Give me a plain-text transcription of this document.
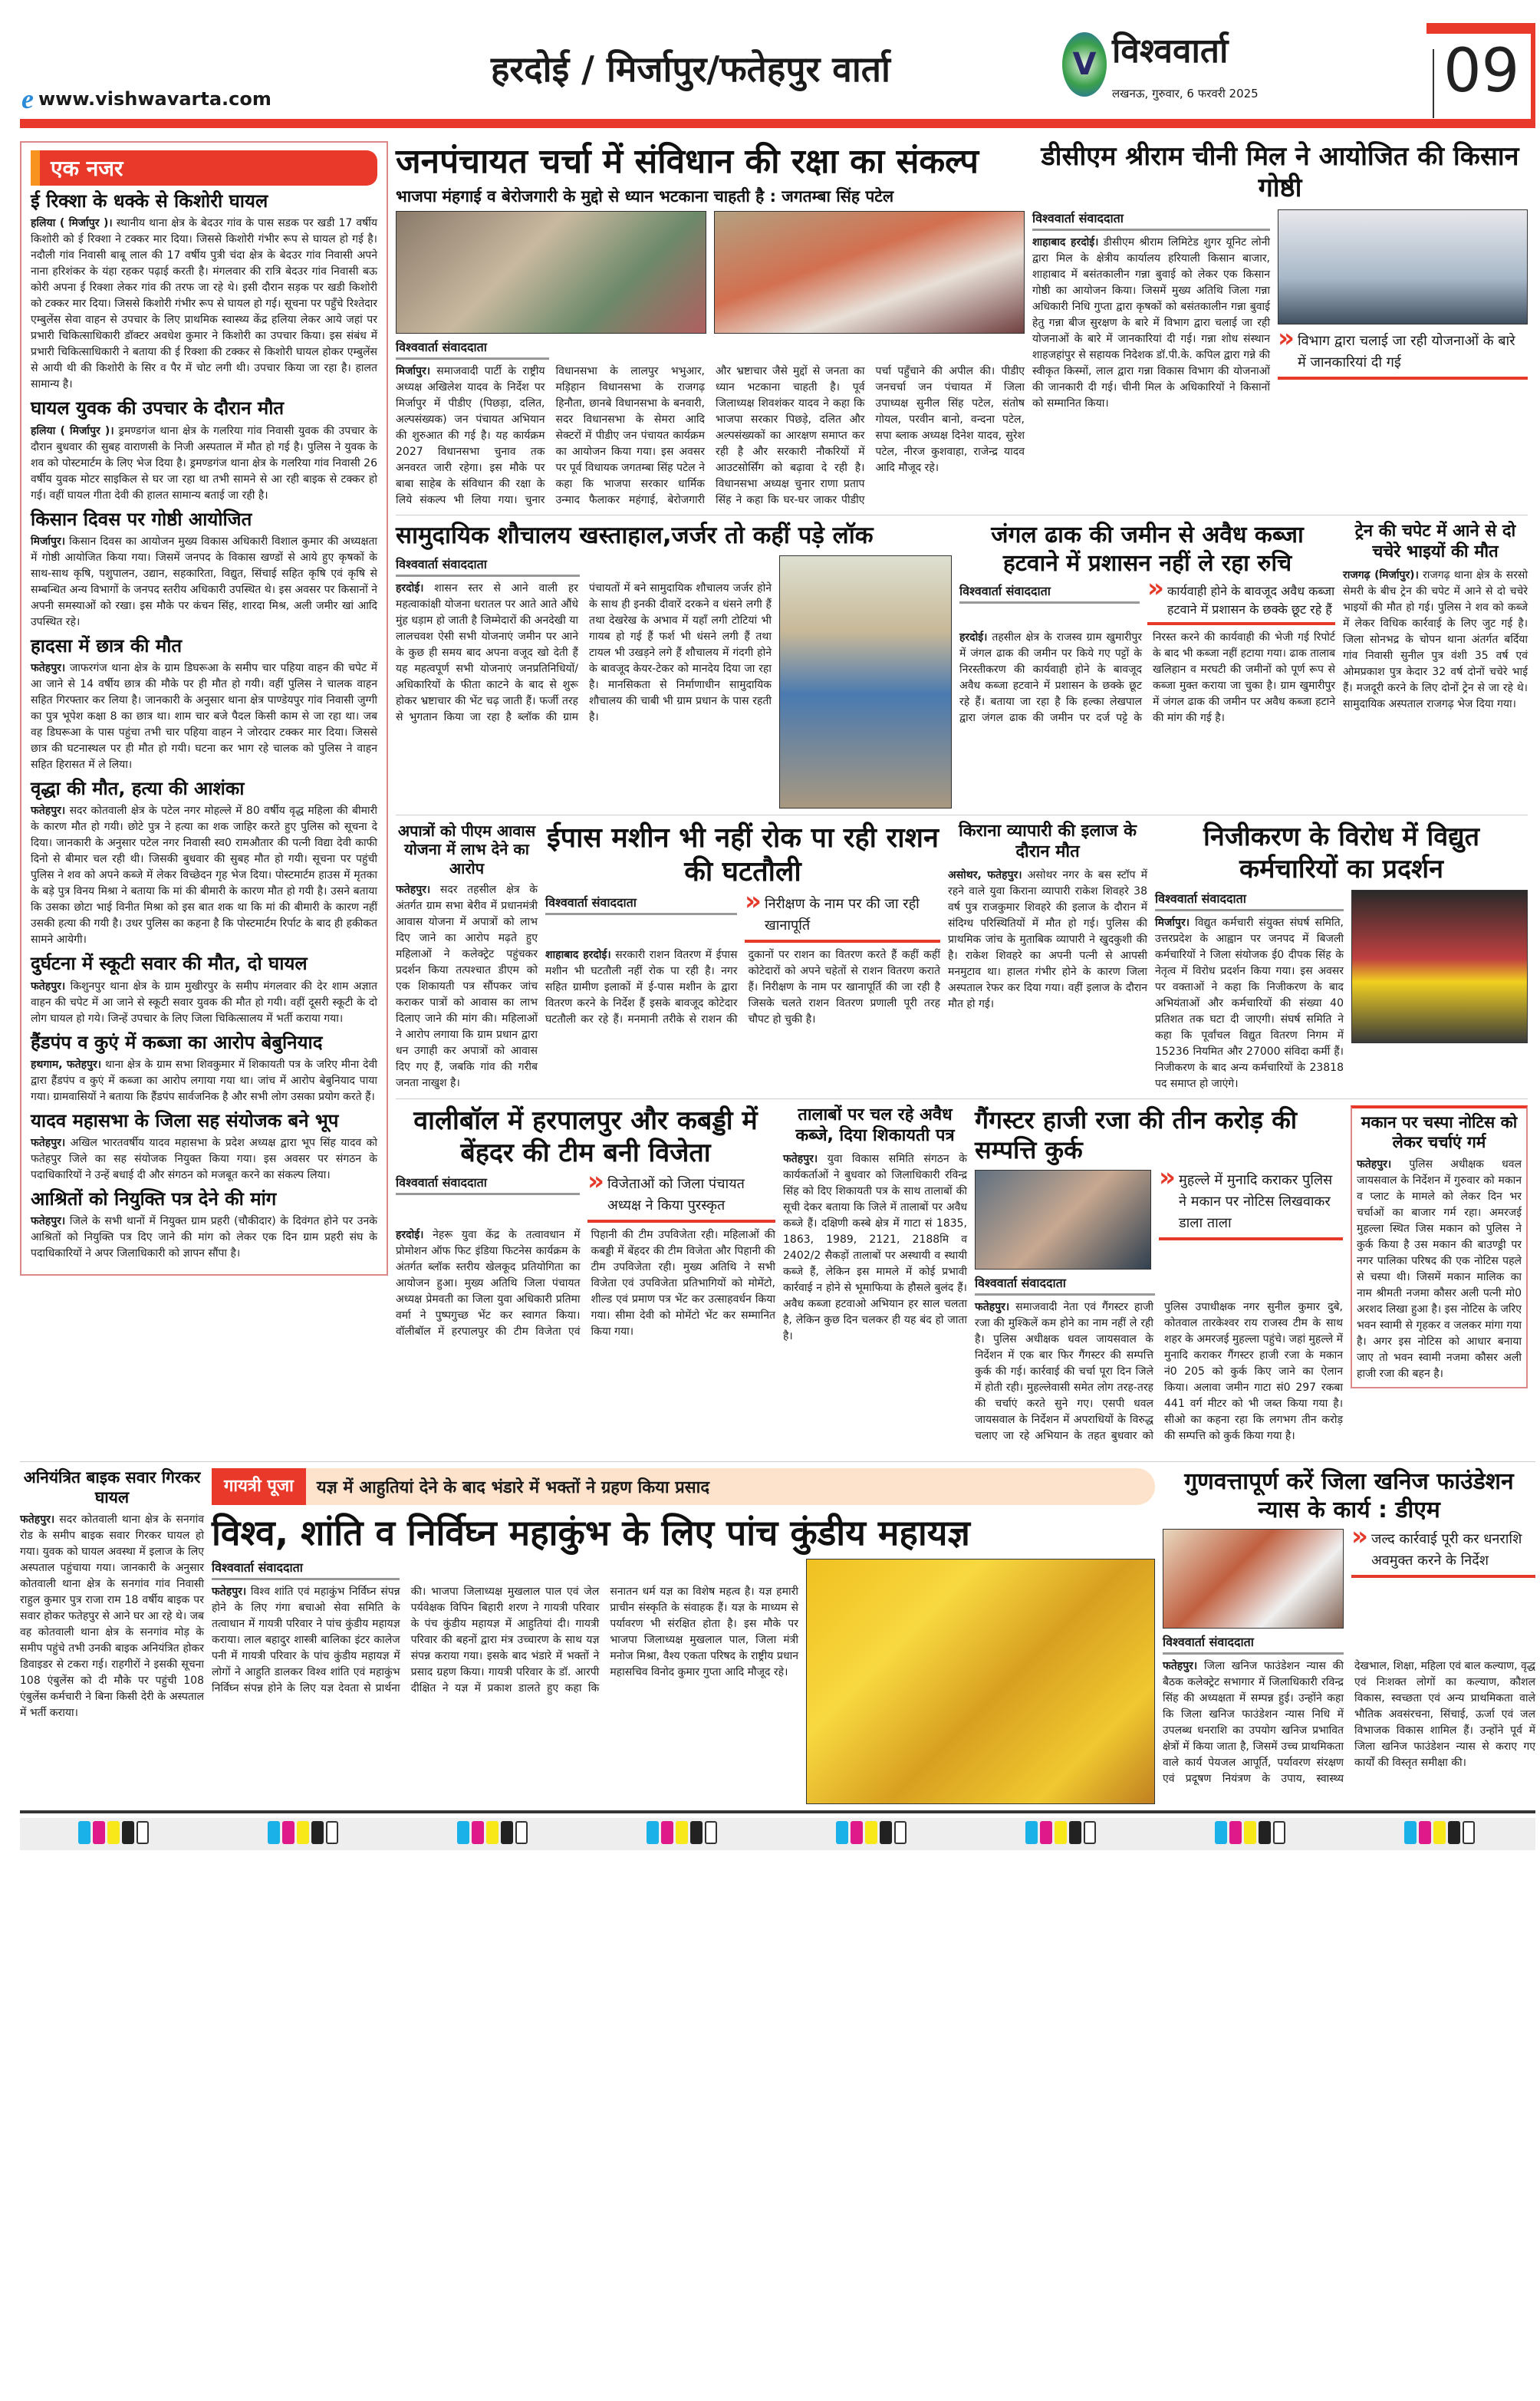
e www.vishwavarta.com
हरदोई / मिर्जापुर/फतेहपुर वार्ता	V विश्ववार्ता
लखनऊ, गुरुवार, 6 फरवरी 2025	09
एक नजर
ई रिक्शा के धक्के से किशोरी घायल
हलिया ( मिर्जापुर )। स्थानीय थाना क्षेत्र के बेदउर गांव के पास सडक पर खडी 17 वर्षीय किशोरी को ई रिक्शा ने टक्कर मार दिया। जिससे किशोरी गंभीर रूप से घायल हो गई है। नदौली गांव निवासी बाबू लाल की 17 वर्षीय पुत्री चंदा क्षेत्र के बेदउर गांव निवासी अपने नाना हरिशंकर के यंहा रहकर पढ़ाई करती है। मंगलवार की रात्रि बेदउर गांव निवासी बऊ कोरी अपना ई रिक्शा लेकर गांव की तरफ जा रहे थे। इसी दौरान सड़क पर खडी किशोरी को टक्कर मार दिया। जिससे किशोरी गंभीर रूप से घायल हो गई। सूचना पर पहुँचे रिश्तेदार एम्बुलेंस सेवा वाहन से उपचार के लिए प्राथमिक स्वास्थ्य केंद्र हलिया लेकर आये जहां पर प्रभारी चिकित्साधिकारी डॉक्टर अवधेश कुमार ने किशोरी का उपचार किया। इस संबंध में प्रभारी चिकित्साधिकारी ने बताया की ई रिक्शा की टक्कर से किशोरी घायल होकर एम्बुलेंस से आयी थी की किशोरी के सिर व पैर में चोट लगी थी। उपचार किया जा रहा है। हालत सामान्य है।
घायल युवक की उपचार के दौरान मौत
हलिया ( मिर्जापुर )। ड्रमण्डगंज थाना क्षेत्र के गलरिया गांव निवासी युवक की उपचार के दौरान बुधवार की सुबह वाराणसी के निजी अस्पताल में मौत हो गई है। पुलिस ने युवक के शव को पोस्टमार्टम के लिए भेज दिया है। ड्रमण्डगंज थाना क्षेत्र के गलरिया गांव निवासी 26 वर्षीय युवक मोटर साइकिल से घर जा रहा था तभी सामने से आ रही बाइक से टक्कर हो गई। वहीं घायल गीता देवी की हालत सामान्य बताई जा रही है।
किसान दिवस पर गोष्ठी आयोजित
मिर्जापुर। किसान दिवस का आयोजन मुख्य विकास अधिकारी विशाल कुमार की अध्यक्षता में गोष्ठी आयोजित किया गया। जिसमें जनपद के विकास खण्डों से आये हुए कृषकों के साथ-साथ कृषि, पशुपालन, उद्यान, सहकारिता, विद्युत, सिंचाई सहित कृषि एवं कृषि से सम्बन्धित अन्य विभागों के जनपद स्तरीय अधिकारी उपस्थित थे। इस अवसर पर किसानों ने अपनी समस्याओं को रखा। इस मौके पर कंचन सिंह, शारदा मिश्र, अली जमीर खां आदि उपस्थित रहे।
हादसा में छात्र की मौत
फतेहपुर। जाफरगंज थाना क्षेत्र के ग्राम डिघरूआ के समीप चार पहिया वाहन की चपेट में आ जाने से 14 वर्षीय छात्र की मौके पर ही मौत हो गयी। वहीं पुलिस ने चालक वाहन सहित गिरफ्तार कर लिया है। जानकारी के अनुसार थाना क्षेत्र पाण्डेयपुर गांव निवासी जुग्गी का पुत्र भूपेश कक्षा 8 का छात्र था। शाम चार बजे पैदल किसी काम से जा रहा था। जब वह डिघरूआ के पास पहुंचा तभी चार पहिया वाहन ने जोरदार टक्कर मार दिया। जिससे छात्र की घटनास्थल पर ही मौत हो गयी। घटना कर भाग रहे चालक को पुलिस ने वाहन सहित हिरासत में ले लिया।
वृद्धा की मौत, हत्या की आशंका
फतेहपुर। सदर कोतवाली क्षेत्र के पटेल नगर मोहल्ले में 80 वर्षीय वृद्ध महिला की बीमारी के कारण मौत हो गयी। छोटे पुत्र ने हत्या का शक जाहिर करते हुए पुलिस को सूचना दे दिया। जानकारी के अनुसार पटेल नगर निवासी स्व0 रामऔतार की पत्नी विद्या देवी काफी दिनो से बीमार चल रही थी। जिसकी बुधवार की सुबह मौत हो गयी। सूचना पर पहुंची पुलिस ने शव को अपने कब्जे में लेकर विच्छेदन गृह भेज दिया। पोस्टमार्टम हाउस में मृतका के बड़े पुत्र विनय मिश्रा ने बताया कि मां की बीमारी के कारण मौत हो गयी है। उसने बताया कि उसका छोटा भाई विनीत मिश्रा को इस बात शक था कि मां की बीमारी के कारण नहीं उसकी हत्या की गयी है। उधर पुलिस का कहना है कि पोस्टमार्टम रिर्पाट के बाद ही हकीकत सामने आयेगी।
दुर्घटना में स्कूटी सवार की मौत, दो घायल
फतेहपुर। किशुनपुर थाना क्षेत्र के ग्राम मुखीरपुर के समीप मंगलवार की देर शाम अज्ञात वाहन की चपेट में आ जाने से स्कूटी सवार युवक की मौत हो गयी। वहीं दूसरी स्कूटी के दो लोग घायल हो गये। जिन्हें उपचार के लिए जिला चिकित्सालय में भर्ती कराया गया।
हैंडपंप व कुएं में कब्जा का आरोप बेबुनियाद
हथगाम, फतेहपुर। थाना क्षेत्र के ग्राम सभा शिवकुमार में शिकायती पत्र के जरिए मीना देवी द्वारा हैंडपंप व कुएं में कब्जा का आरोप लगाया गया था। जांच में आरोप बेबुनियाद पाया गया। ग्रामवासियों ने बताया कि हैंडपंप सार्वजनिक है और सभी लोग उसका प्रयोग करते हैं।
यादव महासभा के जिला सह संयोजक बने भूप
फतेहपुर। अखिल भारतवर्षीय यादव महासभा के प्रदेश अध्यक्ष द्वारा भूप सिंह यादव को फतेहपुर जिले का सह संयोजक नियुक्त किया गया। इस अवसर पर संगठन के पदाधिकारियों ने उन्हें बधाई दी और संगठन को मजबूत करने का संकल्प लिया।
आश्रितों को नियुक्ति पत्र देने की मांग
फतेहपुर। जिले के सभी थानों में नियुक्त ग्राम प्रहरी (चौकीदार) के दिवंगत होने पर उनके आश्रितों को नियुक्ति पत्र दिए जाने की मांग को लेकर एक दिन ग्राम प्रहरी संघ के पदाधिकारियों ने अपर जिलाधिकारी को ज्ञापन सौंपा है।
जनपंचायत चर्चा में संविधान की रक्षा का संकल्प
भाजपा मंहगाई व बेरोजगारी के मुद्दो से ध्यान भटकाना चाहती है : जगतम्बा सिंह पटेल
विश्ववार्ता संवाददाता
मिर्जापुर। समाजवादी पार्टी के राष्ट्रीय अध्यक्ष अखिलेश यादव के निर्देश पर मिर्जापुर में पीडीए (पिछड़ा, दलित, अल्पसंख्यक) जन पंचायत अभियान की शुरुआत की गई है। यह कार्यक्रम 2027 विधानसभा चुनाव तक अनवरत जारी रहेगा। इस मौके पर बाबा साहेब के संविधान की रक्षा के लिये संकल्प भी लिया गया। चुनार विधानसभा के लालपुर भभुआर, मड़िहान विधानसभा के राजगढ़ हिनौता, छानबे विधानसभा के बनवारी, सदर विधानसभा के सेमरा आदि सेक्टरों में पीडीए जन पंचायत कार्यक्रम का आयोजन किया गया। इस अवसर पर पूर्व विधायक जगतम्बा सिंह पटेल ने कहा कि भाजपा सरकार धार्मिक उन्माद फैलाकर महंगाई, बेरोजगारी और भ्रष्टाचार जैसे मुद्दों से जनता का ध्यान भटकाना चाहती है। पूर्व जिलाध्यक्ष शिवशंकर यादव ने कहा कि भाजपा सरकार पिछड़े, दलित और अल्पसंख्यकों का आरक्षण समाप्त कर रही है और सरकारी नौकरियों में आउटसोर्सिंग को बढ़ावा दे रही है। विधानसभा अध्यक्ष चुनार राणा प्रताप सिंह ने कहा कि घर-घर जाकर पीडीए पर्चा पहुँचाने की अपील की। पीडीए जनचर्चा जन पंचायत में जिला उपाध्यक्ष सुनील सिंह पटेल, संतोष गोयल, परवीन बानो, वन्दना पटेल, सपा ब्लाक अध्यक्ष दिनेश यादव, सुरेश पटेल, नीरज कुशवाहा, राजेन्द्र यादव आदि मौजूद रहे।
डीसीएम श्रीराम चीनी मिल ने आयोजित की किसान गोष्ठी
विश्ववार्ता संवाददाता
शाहाबाद हरदोई। डीसीएम श्रीराम लिमिटेड शुगर यूनिट लोनी द्वारा मिल के क्षेत्रीय कार्यालय हरियाली किसान बाजार, शाहाबाद में बसंतकालीन गन्ना बुवाई को लेकर एक किसान गोष्ठी का आयोजन किया। जिसमें मुख्य अतिथि जिला गन्ना अधिकारी निधि गुप्ता द्वारा कृषकों को बसंतकालीन गन्ना बुवाई हेतु गन्ना बीज सुरक्षण के बारे में विभाग द्वारा चलाई जा रही योजनाओं के बारे में जानकारियां दी गई। गन्ना शोध संस्थान शाहजहांपुर से सहायक निदेशक डॉ.पी.के. कपिल द्वारा गन्ने की स्वीकृत किस्मों, लाल द्वारा गन्ना विकास विभाग की योजनाओं की जानकारी दी गई। चीनी मिल के अधिकारियों ने किसानों को सम्मानित किया।
» विभाग द्वारा चलाई जा रही योजनाओं के बारे में जानकारियां दी गई
सामुदायिक शौचालय खस्ताहाल,जर्जर तो कहीं पड़े लॉक
विश्ववार्ता संवाददाता
हरदोई। शासन स्तर से आने वाली हर महत्वाकांक्षी योजना धरातल पर आते आते औंधे मुंह धड़ाम हो जाती है जिम्मेदारों की अनदेखी या लालचवश ऐसी सभी योजनाएं जमीन पर आने के कुछ ही समय बाद अपना वजूद खो देती हैं यह महत्वपूर्ण सभी योजनाएं जनप्रतिनिधियों/अधिकारियों के फीता काटने के बाद से शुरू होकर भ्रष्टाचार की भेंट चढ़ जाती हैं। फर्जी तरह से भुगतान किया जा रहा है ब्लॉक की ग्राम पंचायतों में बने सामुदायिक शौचालय जर्जर होने के साथ ही इनकी दीवारें दरकने व धंसने लगी हैं तथा देखरेख के अभाव में यहाँ लगी टोटियां भी गायब हो गई हैं फर्श भी धंसने लगी हैं तथा टायल भी उखड़ने लगे हैं शौचालय में गंदगी होने के बावजूद केयर-टेकर को मानदेय दिया जा रहा है। मानसिकता से निर्माणाधीन सामुदायिक शौचालय की चाबी भी ग्राम प्रधान के पास रहती है।
जंगल ढाक की जमीन से अवैध कब्जा हटवाने में प्रशासन नहीं ले रहा रुचि
विश्ववार्ता संवाददाता	» कार्यवाही होने के बावजूद अवैध कब्जा हटवाने में प्रशासन के छक्के छूट रहे हैं
हरदोई। तहसील क्षेत्र के राजस्व ग्राम खुमारीपुर में जंगल ढाक की जमीन पर किये गए पट्टों के निरस्तीकरण की कार्यवाही होने के बावजूद अवैध कब्जा हटवाने में प्रशासन के छक्के छूट रहे हैं। बताया जा रहा है कि हल्का लेखपाल द्वारा जंगल ढाक की जमीन पर दर्ज पट्टे के निरस्त करने की कार्यवाही की भेजी गई रिपोर्ट के बाद भी कब्जा नहीं हटाया गया। ढाक तालाब खलिहान व मरघटी की जमीनों को पूर्ण रूप से कब्जा मुक्त कराया जा चुका है। ग्राम खुमारीपुर में जंगल ढाक की जमीन पर अवैध कब्जा हटाने की मांग की गई है।
ट्रेन की चपेट में आने से दो चचेरे भाइयों की मौत
राजगढ़ (मिर्जापुर)। राजगढ़ थाना क्षेत्र के सरसो सेमरी के बीच ट्रेन की चपेट में आने से दो चचेरे भाइयों की मौत हो गई। पुलिस ने शव को कब्जे में लेकर विधिक कार्रवाई के लिए जुट गई है। जिला सोनभद्र के चोपन थाना अंतर्गत बर्दिया गांव निवासी सुनील पुत्र वंशी 35 वर्ष एवं ओमप्रकाश पुत्र केदार 32 वर्ष दोनों चचेरे भाई हैं। मजदूरी करने के लिए दोनों ट्रेन से जा रहे थे। सामुदायिक अस्पताल राजगढ़ भेज दिया गया।
अपात्रों को पीएम आवास योजना में लाभ देने का आरोप
फतेहपुर। सदर तहसील क्षेत्र के अंतर्गत ग्राम सभा बेरीव में प्रधानमंत्री आवास योजना में अपात्रों को लाभ दिए जाने का आरोप मढ़ते हुए महिलाओं ने कलेक्ट्रेट पहुंचकर प्रदर्शन किया तत्पश्चात डीएम को एक शिकायती पत्र सौंपकर जांच कराकर पात्रों को आवास का लाभ दिलाए जाने की मांग की। महिलाओं ने आरोप लगाया कि ग्राम प्रधान द्वारा धन उगाही कर अपात्रों को आवास दिए गए हैं, जबकि गांव की गरीब जनता नाखुश है।
ईपास मशीन भी नहीं रोक पा रही राशन की घटतौली
विश्ववार्ता संवाददाता	» निरीक्षण के नाम पर की जा रही खानापूर्ति
शाहाबाद हरदोई। सरकारी राशन वितरण में ईपास मशीन भी घटतौली नहीं रोक पा रही है। नगर सहित ग्रामीण इलाकों में ई-पास मशीन के द्वारा वितरण करने के निर्देश हैं इसके बावजूद कोटेदार घटतौली कर रहे हैं। मनमानी तरीके से राशन की दुकानों पर राशन का वितरण करते हैं कहीं कहीं कोटेदारों को अपने चहेतों से राशन वितरण कराते हैं। निरीक्षण के नाम पर खानापूर्ति की जा रही है जिसके चलते राशन वितरण प्रणाली पूरी तरह चौपट हो चुकी है।
किराना व्यापारी की इलाज के दौरान मौत
असोथर, फतेहपुर। असोथर नगर के बस स्टॉप में रहने वाले युवा किराना व्यापारी राकेश शिवहरे 38 वर्ष पुत्र राजकुमार शिवहरे की इलाज के दौरान में संदिग्ध परिस्थितियों में मौत हो गई। पुलिस की प्राथमिक जांच के मुताबिक व्यापारी ने खुदकुशी की है। राकेश शिवहरे का अपनी पत्नी से आपसी मनमुटाव था। हालत गंभीर होने के कारण जिला अस्पताल रेफर कर दिया गया। वहीं इलाज के दौरान मौत हो गई।
निजीकरण के विरोध में विद्युत कर्मचारियों का प्रदर्शन
विश्ववार्ता संवाददाता
मिर्जापुर। विद्युत कर्मचारी संयुक्त संघर्ष समिति, उत्तरप्रदेश के आह्वान पर जनपद में बिजली कर्मचारियों ने जिला संयोजक ई0 दीपक सिंह के नेतृत्व में विरोध प्रदर्शन किया गया। इस अवसर पर वक्ताओं ने कहा कि निजीकरण के बाद अभियंताओं और कर्मचारियों की संख्या 40 प्रतिशत तक घटा दी जाएगी। संघर्ष समिति ने कहा कि पूर्वांचल विद्युत वितरण निगम में 15236 नियमित और 27000 संविदा कर्मी हैं। निजीकरण के बाद अन्य कर्मचारियों के 23818 पद समाप्त हो जाएंगे।
वालीबॉल में हरपालपुर और कबड्डी में बेंहदर की टीम बनी विजेता
विश्ववार्ता संवाददाता	» विजेताओं को जिला पंचायत अध्यक्ष ने किया पुरस्कृत
हरदोई। नेहरू युवा केंद्र के तत्वावधान में प्रोमोशन ऑफ फिट इंडिया फिटनेस कार्यक्रम के अंतर्गत ब्लॉक स्तरीय खेलकूद प्रतियोगिता का आयोजन हुआ। मुख्य अतिथि जिला पंचायत अध्यक्ष प्रेमवती का जिला युवा अधिकारी प्रतिमा वर्मा ने पुष्पगुच्छ भेंट कर स्वागत किया। वॉलीबॉल में हरपालपुर की टीम विजेता एवं पिहानी की टीम उपविजेता रही। महिलाओं की कबड्डी में बेंहदर की टीम विजेता और पिहानी की टीम उपविजेता रही। मुख्य अतिथि ने सभी विजेता एवं उपविजेता प्रतिभागियों को मोमेंटो, शील्ड एवं प्रमाण पत्र भेंट कर उत्साहवर्धन किया गया। सीमा देवी को मोमेंटो भेंट कर सम्मानित किया गया।
तालाबों पर चल रहे अवैध कब्जे, दिया शिकायती पत्र
फतेहपुर। युवा विकास समिति संगठन के कार्यकर्ताओं ने बुधवार को जिलाधिकारी रविन्द्र सिंह को दिए शिकायती पत्र के साथ तालाबों की सूची देकर बताया कि जिले में तालाबों पर अवैध कब्जे हैं। दक्षिणी कस्बे क्षेत्र में गाटा सं 1835, 1863, 1989, 2121, 2188मि व 2402/2 सैकड़ों तालाबों पर अस्थायी व स्थायी कब्जे हैं, लेकिन इस मामले में कोई प्रभावी कार्रवाई न होने से भूमाफिया के हौसले बुलंद हैं। अवैध कब्जा हटवाओ अभियान हर साल चलता है, लेकिन कुछ दिन चलकर ही यह बंद हो जाता है।
गैंगस्टर हाजी रजा की तीन करोड़ की सम्पत्ति कुर्क
» मुहल्ले में मुनादि कराकर पुलिस ने मकान पर नोटिस लिखवाकर डाला ताला
विश्ववार्ता संवाददाता
फतेहपुर। समाजवादी नेता एवं गैंगस्टर हाजी रजा की मुश्किलें कम होने का नाम नहीं ले रही है। पुलिस अधीक्षक धवल जायसवाल के निर्देशन में एक बार फिर गैंगस्टर की सम्पत्ति कुर्क की गई। कार्रवाई की चर्चा पूरा दिन जिले में होती रही। मुहल्लेवासी समेत लोग तरह-तरह की चर्चाएं करते सुने गए। एसपी धवल जायसवाल के निर्देशन में अपराधियों के विरुद्ध चलाए जा रहे अभियान के तहत बुधवार को पुलिस उपाधीक्षक नगर सुनील कुमार दुबे, कोतवाल तारकेश्वर राय राजस्व टीम के साथ शहर के अमरजई मुहल्ला पहुंचे। जहां मुहल्ले में मुनादि कराकर गैंगस्टर हाजी रजा के मकान नं0 205 को कुर्क किए जाने का ऐलान किया। अलावा जमीन गाटा सं0 297 रकबा 441 वर्ग मीटर को भी जब्त किया गया है। सीओ का कहना रहा कि लगभग तीन करोड़ की सम्पत्ति को कुर्क किया गया है।
मकान पर चस्पा नोटिस को लेकर चर्चाएं गर्म
फतेहपुर। पुलिस अधीक्षक धवल जायसवाल के निर्देशन में गुरुवार को मकान व प्लाट के मामले को लेकर दिन भर चर्चाओं का बाजार गर्म रहा। अमरजई मुहल्ला स्थित जिस मकान को पुलिस ने कुर्क किया है उस मकान की बाउण्ड्री पर नगर पालिका परिषद की एक नोटिस पहले से चस्पा थी। जिसमें मकान मालिक का नाम श्रीमती नजमा कौसर अली पत्नी मो0 अरशद लिखा हुआ है। इस नोटिस के जरिए भवन स्वामी से गृहकर व जलकर मांगा गया है। अगर इस नोटिस को आधार बनाया जाए तो भवन स्वामी नजमा कौसर अली हाजी रजा की बहन है।
अनियंत्रित बाइक सवार गिरकर घायल
फतेहपुर। सदर कोतवाली थाना क्षेत्र के सनगांव रोड के समीप बाइक सवार गिरकर घायल हो गया। युवक को घायल अवस्था में इलाज के लिए अस्पताल पहुंचाया गया। जानकारी के अनुसार कोतवाली थाना क्षेत्र के सनगांव गांव निवासी राहुल कुमार पुत्र राजा राम 18 वर्षीय बाइक पर सवार होकर फतेहपुर से आने घर आ रहे थे। जब वह कोतवाली थाना क्षेत्र के सनगांव मोड़ के समीप पहुंचे तभी उनकी बाइक अनियंत्रित होकर डिवाइडर से टकरा गई। राहगीरों ने इसकी सूचना 108 एंबुलेंस को दी मौके पर पहुंची 108 एंबुलेंस कर्मचारी ने बिना किसी देरी के अस्पताल में भर्ती कराया।
गायत्री पूजा	यज्ञ में आहुतियां देने के बाद भंडारे में भक्तों ने ग्रहण किया प्रसाद
विश्व, शांति व निर्विघ्न महाकुंभ के लिए पांच कुंडीय महायज्ञ
विश्ववार्ता संवाददाता
फतेहपुर। विश्व शांति एवं महाकुंभ निर्विघ्न संपन्न होने के लिए गंगा बचाओ सेवा समिति के तत्वाधान में गायत्री परिवार ने पांच कुंडीय महायज्ञ कराया। लाल बहादुर शास्त्री बालिका इंटर कालेज पनी में गायत्री परिवार के पांच कुंडीय महायज्ञ में लोगों ने आहुति डालकर विश्व शांति एवं महाकुंभ निर्विघ्न संपन्न होने के लिए यज्ञ देवता से प्रार्थना की। भाजपा जिलाध्यक्ष मुखलाल पाल एवं जेल पर्यवेक्षक विपिन बिहारी शरण ने गायत्री परिवार के पंच कुंडीय महायज्ञ में आहुतियां दी। गायत्री परिवार की बहनों द्वारा मंत्र उच्चारण के साथ यज्ञ संपन्न कराया गया। इसके बाद भंडारे में भक्तों ने प्रसाद ग्रहण किया। गायत्री परिवार के डॉ. आरपी दीक्षित ने यज्ञ में प्रकाश डालते हुए कहा कि सनातन धर्म यज्ञ का विशेष महत्व है। यज्ञ हमारी प्राचीन संस्कृति के संवाहक हैं। यज्ञ के माध्यम से पर्यावरण भी संरक्षित होता है। इस मौके पर भाजपा जिलाध्यक्ष मुखलाल पाल, जिला मंत्री मनोज मिश्रा, वैश्य एकता परिषद के राष्ट्रीय प्रधान महासचिव विनोद कुमार गुप्ता आदि मौजूद रहे।
गुणवत्तापूर्ण करें जिला खनिज फाउंडेशन न्यास के कार्य : डीएम
» जल्द कार्रवाई पूरी कर धनराशि अवमुक्त करने के निर्देश
विश्ववार्ता संवाददाता
फतेहपुर। जिला खनिज फाउंडेशन न्यास की बैठक कलेक्ट्रेट सभागार में जिलाधिकारी रविन्द्र सिंह की अध्यक्षता में सम्पन्न हुई। उन्होंने कहा कि जिला खनिज फाउंडेशन न्यास निधि में उपलब्ध धनराशि का उपयोग खनिज प्रभावित क्षेत्रों में किया जाता है, जिसमें उच्च प्राथमिकता वाले कार्य पेयजल आपूर्ति, पर्यावरण संरक्षण एवं प्रदूषण नियंत्रण के उपाय, स्वास्थ्य देखभाल, शिक्षा, महिला एवं बाल कल्याण, वृद्ध एवं निःशक्त लोगों का कल्याण, कौशल विकास, स्वच्छता एवं अन्य प्राथमिकता वाले भौतिक अवसंरचना, सिंचाई, ऊर्जा एवं जल विभाजक विकास शामिल हैं। उन्होंने पूर्व में जिला खनिज फाउंडेशन न्यास से कराए गए कार्यों की विस्तृत समीक्षा की।
